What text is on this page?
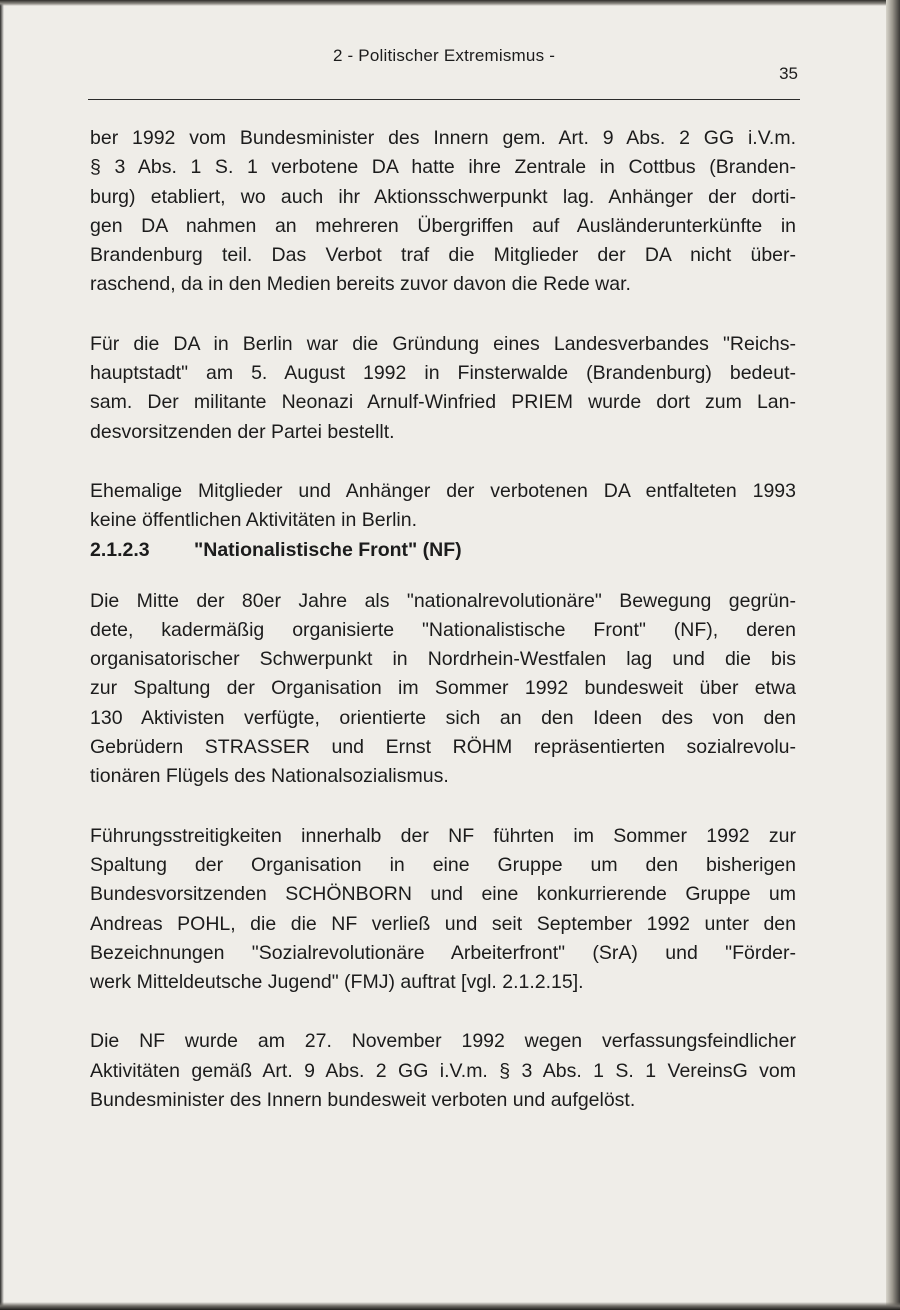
2 - Politischer Extremismus -
35

ber 1992 vom Bundesminister des Innern gem. Art. 9 Abs. 2 GG i.V.m.
§ 3 Abs. 1 S. 1 verbotene DA hatte ihre Zentrale in Cottbus (Branden-
burg) etabliert, wo auch ihr Aktionsschwerpunkt lag. Anhänger der dorti-
gen DA nahmen an mehreren Übergriffen auf Ausländerunterkünfte in
Brandenburg teil. Das Verbot traf die Mitglieder der DA nicht über-
raschend, da in den Medien bereits zuvor davon die Rede war.

Für die DA in Berlin war die Gründung eines Landesverbandes "Reichs-
hauptstadt" am 5. August 1992 in Finsterwalde (Brandenburg) bedeut-
sam. Der militante Neonazi Arnulf-Winfried PRIEM wurde dort zum Lan-
desvorsitzenden der Partei bestellt.

Ehemalige Mitglieder und Anhänger der verbotenen DA entfalteten 1993
keine öffentlichen Aktivitäten in Berlin.

2.1.2.3	"Nationalistische Front" (NF)

Die Mitte der 80er Jahre als "nationalrevolutionäre" Bewegung gegrün-
dete, kadermäßig organisierte "Nationalistische Front" (NF), deren
organisatorischer Schwerpunkt in Nordrhein-Westfalen lag und die bis
zur Spaltung der Organisation im Sommer 1992 bundesweit über etwa
130 Aktivisten verfügte, orientierte sich an den Ideen des von den
Gebrüdern STRASSER und Ernst RÖHM repräsentierten sozialrevolu-
tionären Flügels des Nationalsozialismus.

Führungsstreitigkeiten innerhalb der NF führten im Sommer 1992 zur
Spaltung der Organisation in eine Gruppe um den bisherigen
Bundesvorsitzenden SCHÖNBORN und eine konkurrierende Gruppe um
Andreas POHL, die die NF verließ und seit September 1992 unter den
Bezeichnungen "Sozialrevolutionäre Arbeiterfront" (SrA) und "Förder-
werk Mitteldeutsche Jugend" (FMJ) auftrat [vgl. 2.1.2.15].

Die NF wurde am 27. November 1992 wegen verfassungsfeindlicher
Aktivitäten gemäß Art. 9 Abs. 2 GG i.V.m. § 3 Abs. 1 S. 1 VereinsG vom
Bundesminister des Innern bundesweit verboten und aufgelöst.
